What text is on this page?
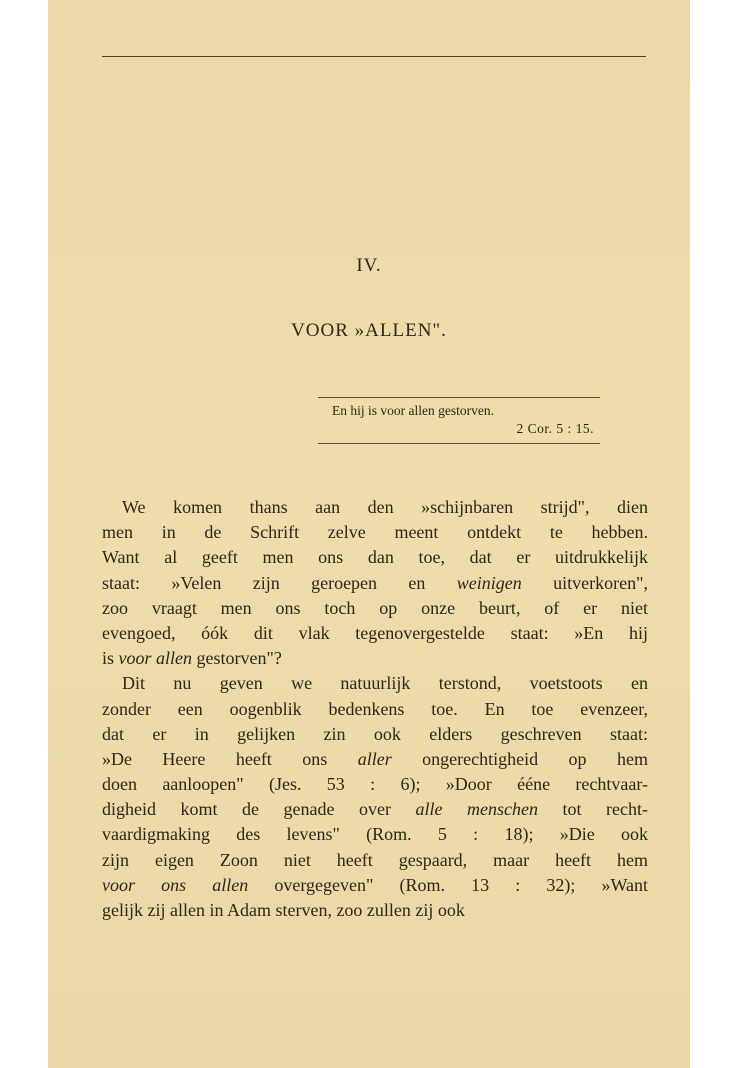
IV.
VOOR »ALLEN".
En hij is voor allen gestorven.
2 Cor. 5 : 15.
We komen thans aan den »schijnbaren strijd", dien
men in de Schrift zelve meent ontdekt te hebben.
Want al geeft men ons dan toe, dat er uitdrukkelijk
staat: »Velen zijn geroepen en weinigen uitverkoren",
zoo vraagt men ons toch op onze beurt, of er niet
evengoed, óók dit vlak tegenovergestelde staat: »En hij
is voor allen gestorven"?
Dit nu geven we natuurlijk terstond, voetstoots en
zonder een oogenblik bedenkens toe. En toe evenzeer,
dat er in gelijken zin ook elders geschreven staat:
»De Heere heeft ons aller ongerechtigheid op hem
doen aanloopen" (Jes. 53 : 6); »Door ééne rechtvaar-
digheid komt de genade over alle menschen tot recht-
vaardigmaking des levens" (Rom. 5 : 18); »Die ook
zijn eigen Zoon niet heeft gespaard, maar heeft hem
voor ons allen overgegeven" (Rom. 13 : 32); »Want
gelijk zij allen in Adam sterven, zoo zullen zij ook
